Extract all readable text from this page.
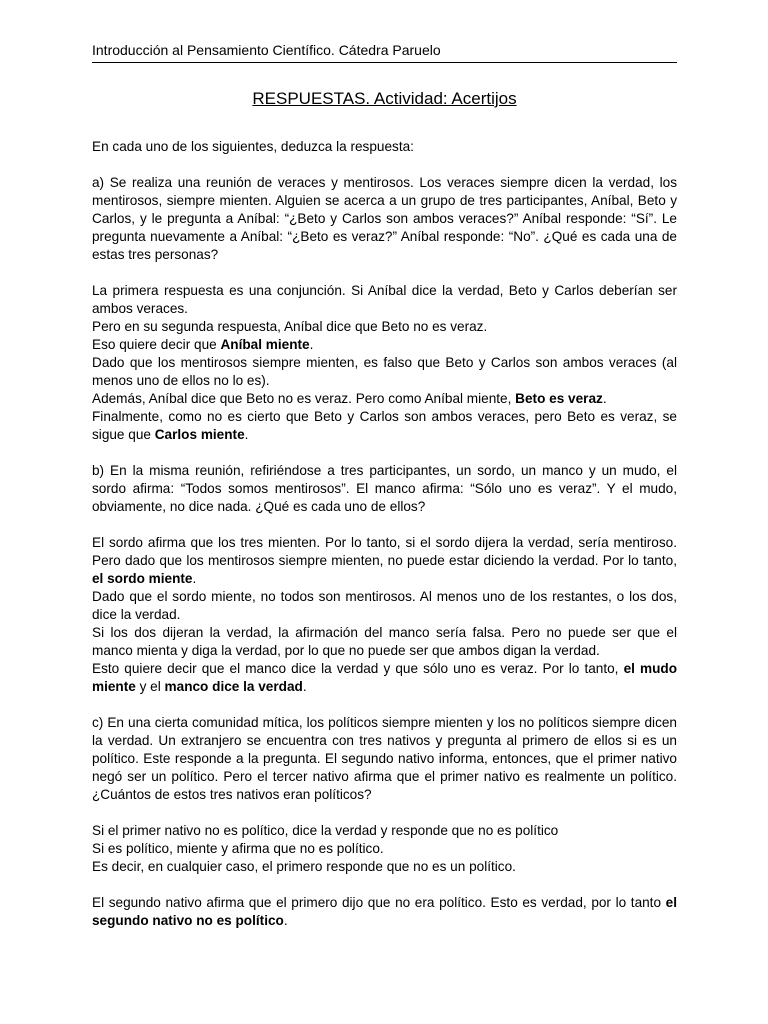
Introducción al Pensamiento Científico. Cátedra Paruelo
RESPUESTAS. Actividad: Acertijos

En cada uno de los siguientes, deduzca la respuesta:

a) Se realiza una reunión de veraces y mentirosos. Los veraces siempre dicen la verdad, los mentirosos, siempre mienten. Alguien se acerca a un grupo de tres participantes, Aníbal, Beto y Carlos, y le pregunta a Aníbal: “¿Beto y Carlos son ambos veraces?” Aníbal responde: “Sí”. Le pregunta nuevamente a Aníbal: “¿Beto es veraz?” Aníbal responde: “No”. ¿Qué es cada una de estas tres personas?

La primera respuesta es una conjunción. Si Aníbal dice la verdad, Beto y Carlos deberían ser ambos veraces.
Pero en su segunda respuesta, Aníbal dice que Beto no es veraz.
Eso quiere decir que Aníbal miente.
Dado que los mentirosos siempre mienten, es falso que Beto y Carlos son ambos veraces (al menos uno de ellos no lo es).
Además, Aníbal dice que Beto no es veraz. Pero como Aníbal miente, Beto es veraz.
Finalmente, como no es cierto que Beto y Carlos son ambos veraces, pero Beto es veraz, se sigue que Carlos miente.

b) En la misma reunión, refiriéndose a tres participantes, un sordo, un manco y un mudo, el sordo afirma: “Todos somos mentirosos”. El manco afirma: “Sólo uno es veraz”. Y el mudo, obviamente, no dice nada. ¿Qué es cada uno de ellos?

El sordo afirma que los tres mienten. Por lo tanto, si el sordo dijera la verdad, sería mentiroso. Pero dado que los mentirosos siempre mienten, no puede estar diciendo la verdad. Por lo tanto, el sordo miente.
Dado que el sordo miente, no todos son mentirosos. Al menos uno de los restantes, o los dos, dice la verdad.
Si los dos dijeran la verdad, la afirmación del manco sería falsa. Pero no puede ser que el manco mienta y diga la verdad, por lo que no puede ser que ambos digan la verdad.
Esto quiere decir que el manco dice la verdad y que sólo uno es veraz. Por lo tanto, el mudo miente y el manco dice la verdad.

c) En una cierta comunidad mítica, los políticos siempre mienten y los no políticos siempre dicen la verdad. Un extranjero se encuentra con tres nativos y pregunta al primero de ellos si es un político. Este responde a la pregunta. El segundo nativo informa, entonces, que el primer nativo negó ser un político. Pero el tercer nativo afirma que el primer nativo es realmente un político. ¿Cuántos de estos tres nativos eran políticos?

Si el primer nativo no es político, dice la verdad y responde que no es político
Si es político, miente y afirma que no es político.
Es decir, en cualquier caso, el primero responde que no es un político.

El segundo nativo afirma que el primero dijo que no era político. Esto es verdad, por lo tanto el segundo nativo no es político.
